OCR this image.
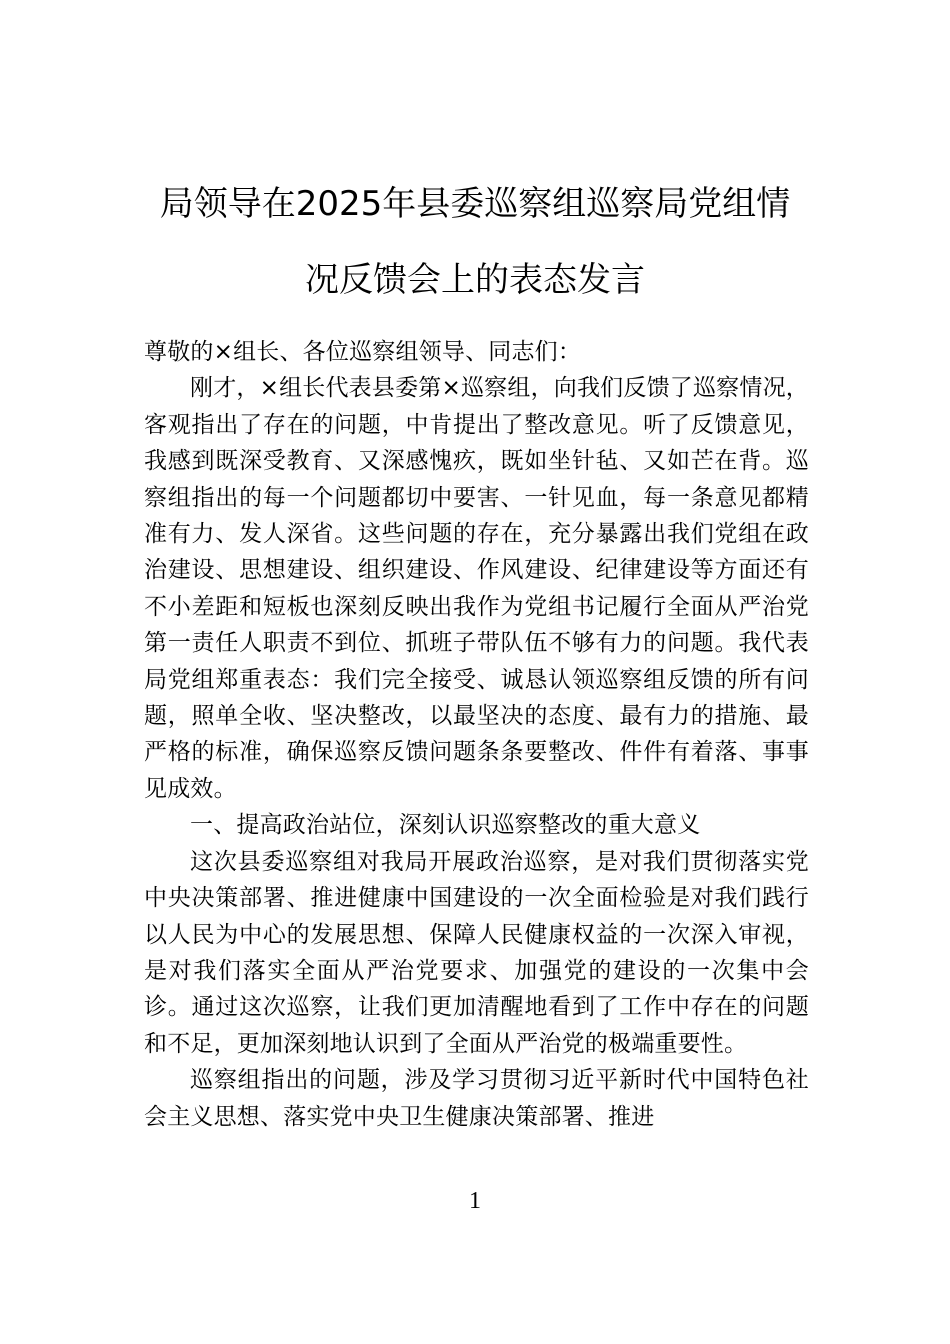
局领导在2025年县委巡察组巡察局党组情
况反馈会上的表态发言

尊敬的×组长、各位巡察组领导、同志们：

刚才，×组长代表县委第×巡察组，向我们反馈了巡察情况，客观指出了存在的问题，中肯提出了整改意见。听了反馈意见，我感到既深受教育、又深感愧疚，既如坐针毡、又如芒在背。巡察组指出的每一个问题都切中要害、一针见血，每一条意见都精准有力、发人深省。这些问题的存在，充分暴露出我们党组在政治建设、思想建设、组织建设、作风建设、纪律建设等方面还有不小差距和短板也深刻反映出我作为党组书记履行全面从严治党第一责任人职责不到位、抓班子带队伍不够有力的问题。我代表局党组郑重表态：我们完全接受、诚恳认领巡察组反馈的所有问题，照单全收、坚决整改，以最坚决的态度、最有力的措施、最严格的标准，确保巡察反馈问题条条要整改、件件有着落、事事见成效。

一、提高政治站位，深刻认识巡察整改的重大意义

这次县委巡察组对我局开展政治巡察，是对我们贯彻落实党中央决策部署、推进健康中国建设的一次全面检验是对我们践行以人民为中心的发展思想、保障人民健康权益的一次深入审视，是对我们落实全面从严治党要求、加强党的建设的一次集中会诊。通过这次巡察，让我们更加清醒地看到了工作中存在的问题和不足，更加深刻地认识到了全面从严治党的极端重要性。

巡察组指出的问题，涉及学习贯彻习近平新时代中国特色社会主义思想、落实党中央卫生健康决策部署、推进

1
